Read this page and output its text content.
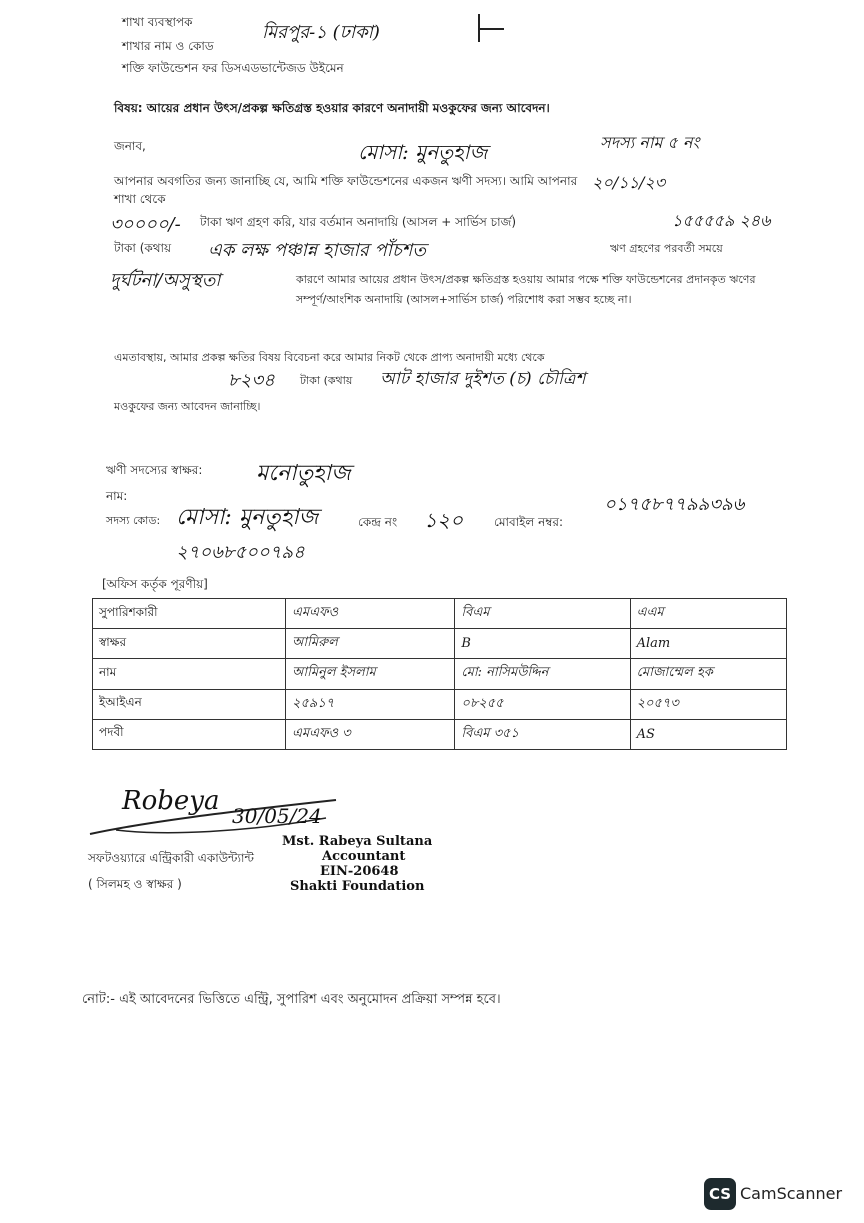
শাখা ব্যবস্থাপক
শাখার নাম ও কোড
মিরপুর-১ (ঢাকা)
শক্তি ফাউন্ডেশন ফর ডিসএডভান্টেজড উইমেন
বিষয়: আয়ের প্রধান উৎস/প্রকল্প ক্ষতিগ্রস্ত হওয়ার কারণে অনাদায়ী মওকুফের জন্য আবেদন।
জনাব,	মোসা: মুনতুহাজ	সদস্য নাম ৫ নং
২০/১১/২৩
আপনার অবগতির জন্য জানাচ্ছি যে, আমি শক্তি ফাউন্ডেশনের একজন ঋণী সদস্য। আমি আপনার শাখা থেকে
৩০০০০/- টাকা ঋণ গ্রহণ করি, যার বর্তমান অনাদায়ি (আসল + সার্ভিস চার্জ)	১৫৫৫৫৯ ২৪৬
টাকা (কথায় এক লক্ষ পঞ্চান্ন হাজার পাঁচশত	ঋণ গ্রহণের পরবর্তী সময়ে
দুর্ঘটনা/অসুস্থতা	কারণে আমার আয়ের প্রধান উৎস/প্রকল্প ক্ষতিগ্রস্ত হওয়ায় আমার পক্ষে শক্তি ফাউন্ডেশনের প্রদানকৃত ঋণের সম্পূর্ণ/আংশিক অনাদায়ি (আসল+সার্ভিস চার্জ) পরিশোধ করা সম্ভব হচ্ছে না।
এমতাবস্থায়, আমার প্রকল্প ক্ষতির বিষয় বিবেচনা করে আমার নিকট থেকে প্রাপ্য অনাদায়ী মধ্যে থেকে
৮২৩৪ টাকা (কথায় আট হাজার দুইশত (চ) চৌত্রিশ
মওকুফের জন্য আবেদন জানাচ্ছি।
ঋণী সদস্যের স্বাক্ষর: মনোতুহাজ
নাম:
সদস্য কোড: মোসা: মুনতুহাজ	কেন্দ্র নং ১২০	মোবাইল নম্বর:
০১৭৫৮৭৭৯৯৩৯৬
২৭০৬৮৫০০৭৯৪
[অফিস কর্তৃক পূরণীয়]
সুপারিশকারী	এমএফও	বিএম	এএম
স্বাক্ষর	আমিরুল	B	Alam
নাম	আমিনুল ইসলাম	মো: নাসিমউদ্দিন	মোজাম্মেল হক
ইআইএন	২৫৯১৭	০৮২৫৫	২০৫৭৩
পদবী	এমএফও ৩	বিএম ৩৫১	AS
Robeya 30/05/24
সফটওয়্যারে এন্ট্রিকারী একাউন্ট্যান্ট
( সিলমহ ও স্বাক্ষর )
Mst. Rabeya Sultana
Accountant
EIN-20648
Shakti Foundation
নোট:- এই আবেদনের ভিত্তিতে এন্ট্রি, সুপারিশ এবং অনুমোদন প্রক্রিয়া সম্পন্ন হবে।
CS CamScanner
